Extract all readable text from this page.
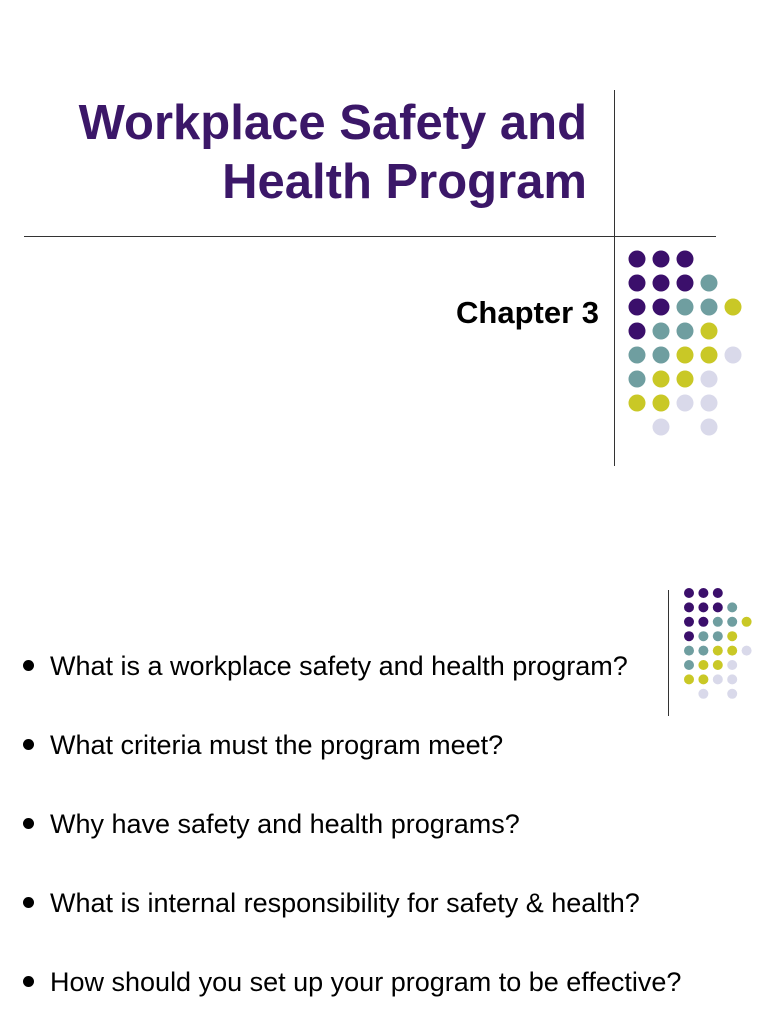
Workplace Safety and
Health Program
Chapter 3
What is a workplace safety and health program?
What criteria must the program meet?
Why have safety and health programs?
What is internal responsibility for safety & health?
How should you set up your program to be effective?
